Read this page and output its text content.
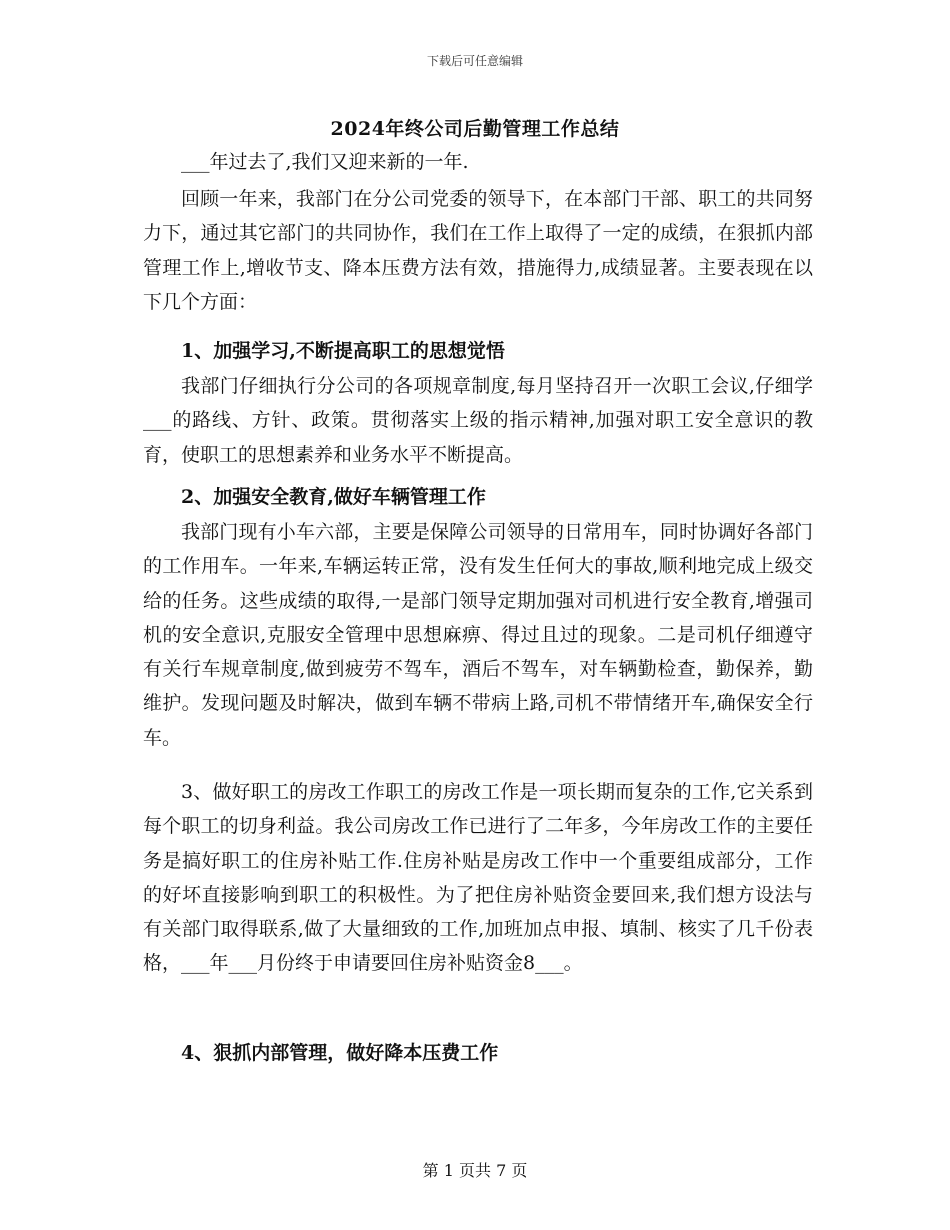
下载后可任意编辑
2024年终公司后勤管理工作总结

___年过去了,我们又迎来新的一年.

回顾一年来，我部门在分公司党委的领导下，在本部门干部、职工的共同努力下，通过其它部门的共同协作，我们在工作上取得了一定的成绩，在狠抓内部管理工作上,增收节支、降本压费方法有效，措施得力,成绩显著。主要表现在以下几个方面：

1、加强学习,不断提高职工的思想觉悟

我部门仔细执行分公司的各项规章制度,每月坚持召开一次职工会议,仔细学___的路线、方针、政策。贯彻落实上级的指示精神,加强对职工安全意识的教育，使职工的思想素养和业务水平不断提高。

2、加强安全教育,做好车辆管理工作

我部门现有小车六部，主要是保障公司领导的日常用车，同时协调好各部门的工作用车。一年来,车辆运转正常，没有发生任何大的事故,顺利地完成上级交给的任务。这些成绩的取得,一是部门领导定期加强对司机进行安全教育,增强司机的安全意识,克服安全管理中思想麻痹、得过且过的现象。二是司机仔细遵守有关行车规章制度,做到疲劳不驾车，酒后不驾车，对车辆勤检查，勤保养，勤维护。发现问题及时解决，做到车辆不带病上路,司机不带情绪开车,确保安全行车。

3、做好职工的房改工作职工的房改工作是一项长期而复杂的工作,它关系到每个职工的切身利益。我公司房改工作已进行了二年多，今年房改工作的主要任务是搞好职工的住房补贴工作.住房补贴是房改工作中一个重要组成部分，工作的好坏直接影响到职工的积极性。为了把住房补贴资金要回来,我们想方设法与有关部门取得联系,做了大量细致的工作,加班加点申报、填制、核实了几千份表格，___年___月份终于申请要回住房补贴资金8___。

4、狠抓内部管理，做好降本压费工作

第 1 页共 7 页
